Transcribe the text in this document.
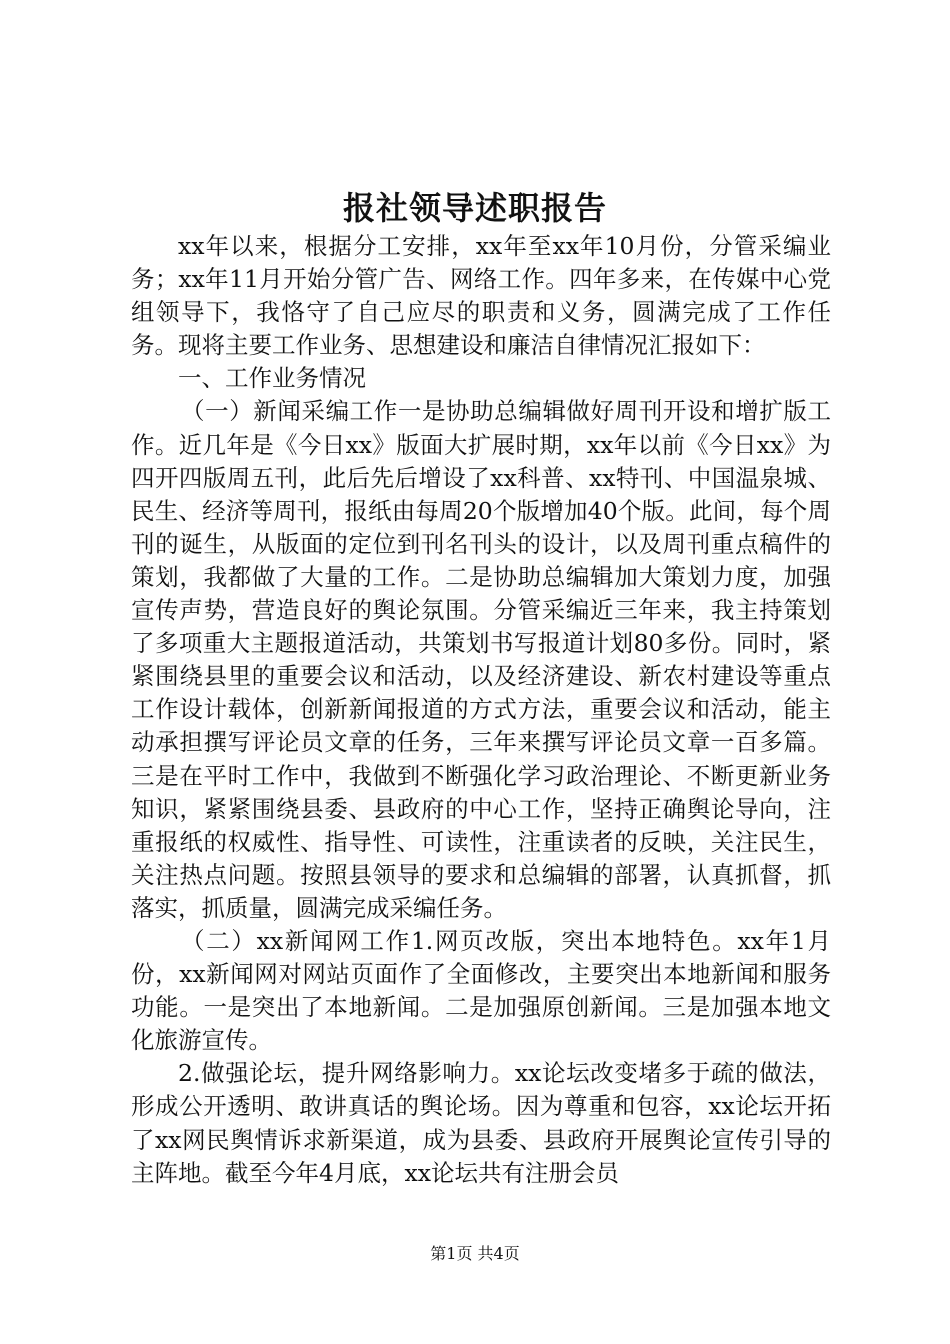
报社领导述职报告

xx年以来，根据分工安排，xx年至xx年10月份，分管采编业务；xx年11月开始分管广告、网络工作。四年多来，在传媒中心党组领导下，我恪守了自己应尽的职责和义务，圆满完成了工作任务。现将主要工作业务、思想建设和廉洁自律情况汇报如下：

一、工作业务情况

（一）新闻采编工作一是协助总编辑做好周刊开设和增扩版工作。近几年是《今日xx》版面大扩展时期，xx年以前《今日xx》为四开四版周五刊，此后先后增设了xx科普、xx特刊、中国温泉城、民生、经济等周刊，报纸由每周20个版增加40个版。此间，每个周刊的诞生，从版面的定位到刊名刊头的设计，以及周刊重点稿件的策划，我都做了大量的工作。二是协助总编辑加大策划力度，加强宣传声势，营造良好的舆论氛围。分管采编近三年来，我主持策划了多项重大主题报道活动，共策划书写报道计划80多份。同时，紧紧围绕县里的重要会议和活动，以及经济建设、新农村建设等重点工作设计载体，创新新闻报道的方式方法，重要会议和活动，能主动承担撰写评论员文章的任务，三年来撰写评论员文章一百多篇。三是在平时工作中，我做到不断强化学习政治理论、不断更新业务知识，紧紧围绕县委、县政府的中心工作，坚持正确舆论导向，注重报纸的权威性、指导性、可读性，注重读者的反映，关注民生，关注热点问题。按照县领导的要求和总编辑的部署，认真抓督，抓落实，抓质量，圆满完成采编任务。

（二）xx新闻网工作1.网页改版，突出本地特色。xx年1月份，xx新闻网对网站页面作了全面修改，主要突出本地新闻和服务功能。一是突出了本地新闻。二是加强原创新闻。三是加强本地文化旅游宣传。

2.做强论坛，提升网络影响力。xx论坛改变堵多于疏的做法，形成公开透明、敢讲真话的舆论场。因为尊重和包容，xx论坛开拓了xx网民舆情诉求新渠道，成为县委、县政府开展舆论宣传引导的主阵地。截至今年4月底，xx论坛共有注册会员

第1页 共4页
